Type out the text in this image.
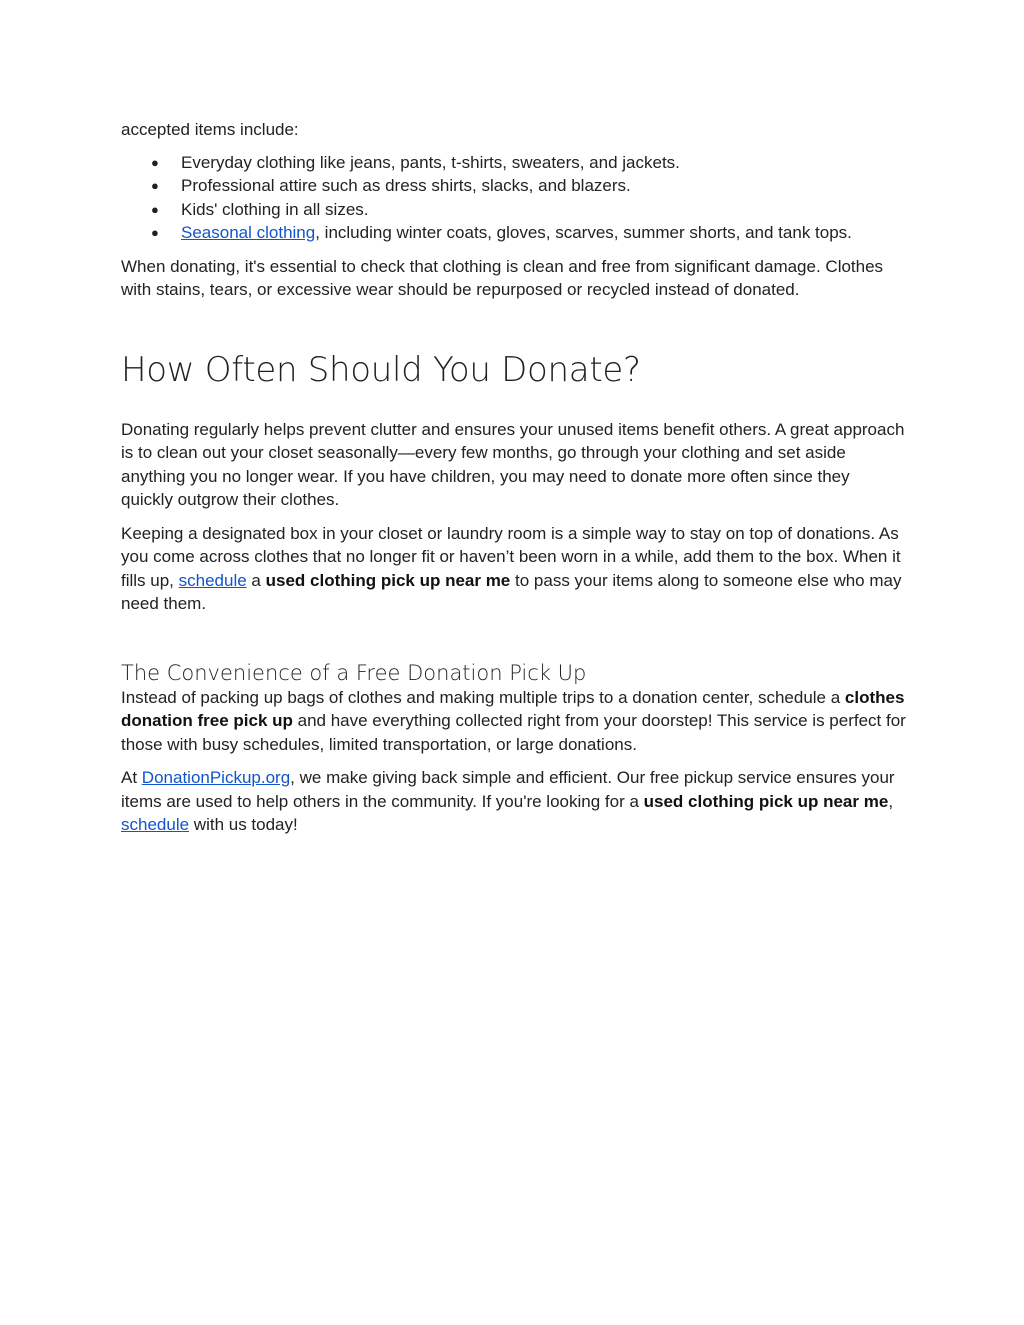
accepted items include:

● Everyday clothing like jeans, pants, t-shirts, sweaters, and jackets.
● Professional attire such as dress shirts, slacks, and blazers.
● Kids' clothing in all sizes.
● Seasonal clothing, including winter coats, gloves, scarves, summer shorts, and tank tops.

When donating, it's essential to check that clothing is clean and free from significant damage. Clothes with stains, tears, or excessive wear should be repurposed or recycled instead of donated.

How Often Should You Donate?

Donating regularly helps prevent clutter and ensures your unused items benefit others. A great approach is to clean out your closet seasonally—every few months, go through your clothing and set aside anything you no longer wear. If you have children, you may need to donate more often since they quickly outgrow their clothes.

Keeping a designated box in your closet or laundry room is a simple way to stay on top of donations. As you come across clothes that no longer fit or haven’t been worn in a while, add them to the box. When it fills up, schedule a used clothing pick up near me to pass your items along to someone else who may need them.

The Convenience of a Free Donation Pick Up

Instead of packing up bags of clothes and making multiple trips to a donation center, schedule a clothes donation free pick up and have everything collected right from your doorstep! This service is perfect for those with busy schedules, limited transportation, or large donations.

At DonationPickup.org, we make giving back simple and efficient. Our free pickup service ensures your items are used to help others in the community. If you're looking for a used clothing pick up near me, schedule with us today!
